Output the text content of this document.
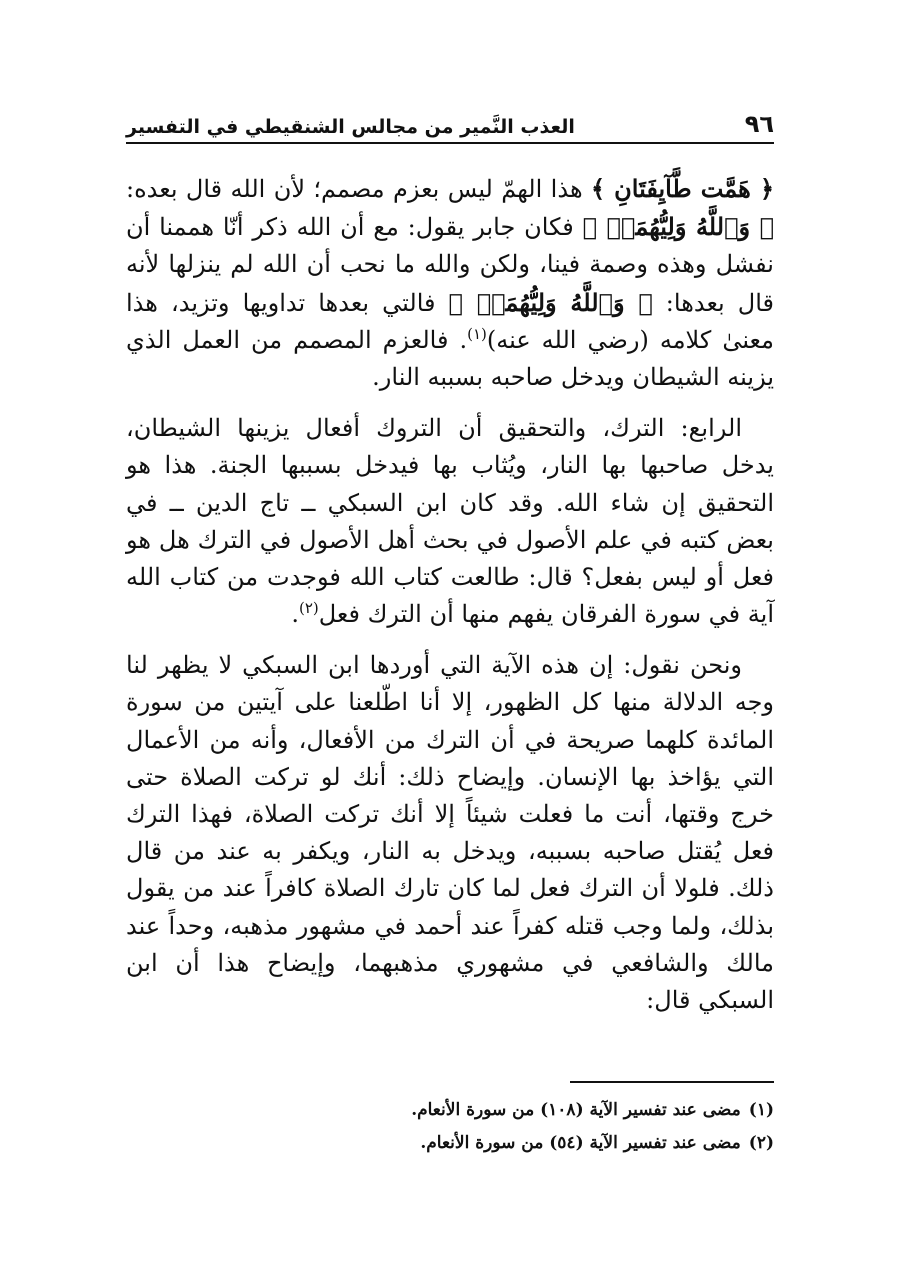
٩٦
العذب النَّمير من مجالس الشنقيطي في التفسير

﴿ هَمَّت طَّآيِفَتَانِ ﴾ هذا الهمّ ليس بعزم مصمم؛ لأن الله قال بعده: ﴿ وَٱللَّهُ وَلِيُّهُمَاۗ ﴾ فكان جابر يقول: مع أن الله ذكر أنّا هممنا أن نفشل وهذه وصمة فينا، ولكن والله ما نحب أن الله لم ينزلها لأنه قال بعدها: ﴿ وَٱللَّهُ وَلِيُّهُمَاۗ ﴾ فالتي بعدها تداويها وتزيد، هذا معنىٰ كلامه (رضي الله عنه)$^{(١)}$. فالعزم المصمم من العمل الذي يزينه الشيطان ويدخل صاحبه بسببه النار.

الرابع: الترك، والتحقيق أن التروك أفعال يزينها الشيطان، يدخل صاحبها بها النار، ويُثاب بها فيدخل بسببها الجنة. هذا هو التحقيق إن شاء الله. وقد كان ابن السبكي ــ تاج الدين ــ في بعض كتبه في علم الأصول في بحث أهل الأصول في الترك هل هو فعل أو ليس بفعل؟ قال: طالعت كتاب الله فوجدت من كتاب الله آية في سورة الفرقان يفهم منها أن الترك فعل$^{(٢)}$.

ونحن نقول: إن هذه الآية التي أوردها ابن السبكي لا يظهر لنا وجه الدلالة منها كل الظهور، إلا أنا اطّلعنا على آيتين من سورة المائدة كلهما صريحة في أن الترك من الأفعال، وأنه من الأعمال التي يؤاخذ بها الإنسان. وإيضاح ذلك: أنك لو تركت الصلاة حتى خرج وقتها، أنت ما فعلت شيئاً إلا أنك تركت الصلاة، فهذا الترك فعل يُقتل صاحبه بسببه، ويدخل به النار، ويكفر به عند من قال ذلك. فلولا أن الترك فعل لما كان تارك الصلاة كافراً عند من يقول بذلك، ولما وجب قتله كفراً عند أحمد في مشهور مذهبه، وحداً عند مالك والشافعي في مشهوري مذهبهما، وإيضاح هذا أن ابن السبكي قال:

(١)مضى عند تفسير الآية (١٠٨) من سورة الأنعام.
(٢)مضى عند تفسير الآية (٥٤) من سورة الأنعام.
